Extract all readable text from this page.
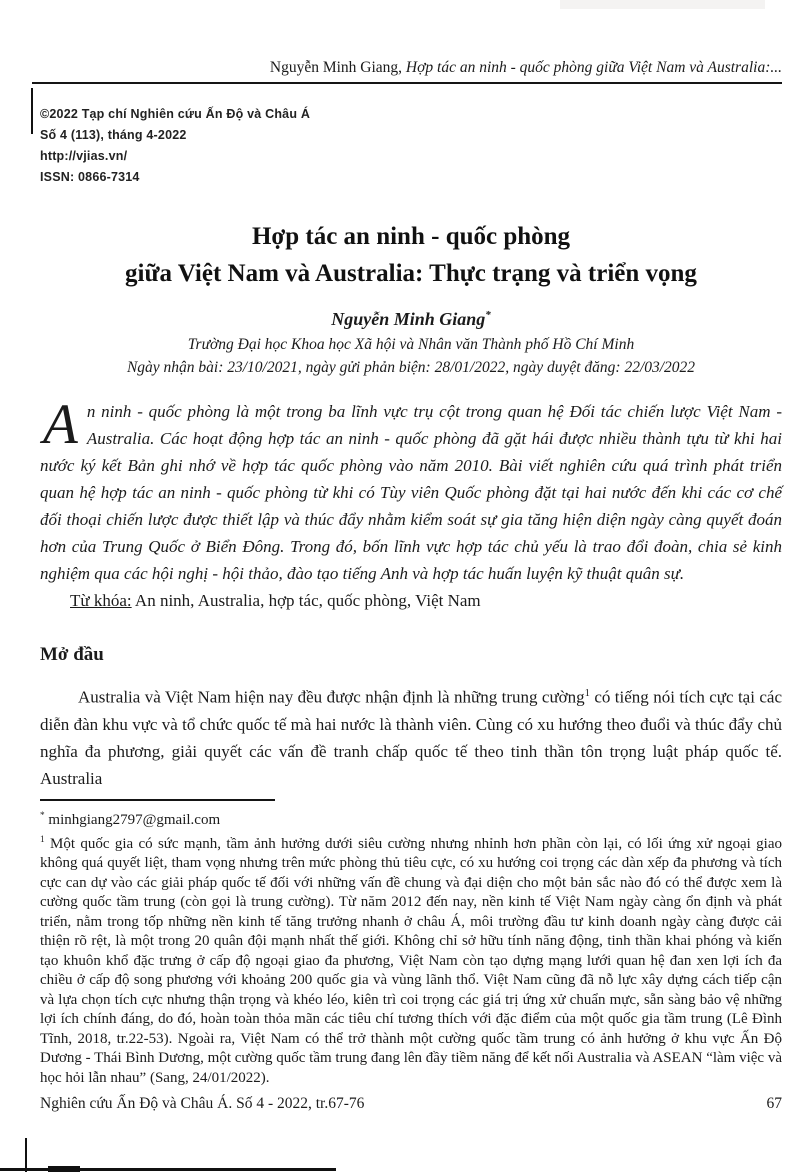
Nguyễn Minh Giang, Hợp tác an ninh - quốc phòng giữa Việt Nam và Australia:...
©2022 Tạp chí Nghiên cứu Ấn Độ và Châu Á
Số 4 (113), tháng 4-2022
http://vjias.vn/
ISSN: 0866-7314
Hợp tác an ninh - quốc phòng
giữa Việt Nam và Australia: Thực trạng và triển vọng
Nguyễn Minh Giang*
Trường Đại học Khoa học Xã hội và Nhân văn Thành phố Hồ Chí Minh
Ngày nhận bài: 23/10/2021, ngày gửi phản biện: 28/01/2022, ngày duyệt đăng: 22/03/2022
An ninh - quốc phòng là một trong ba lĩnh vực trụ cột trong quan hệ Đối tác chiến lược Việt Nam - Australia. Các hoạt động hợp tác an ninh - quốc phòng đã gặt hái được nhiều thành tựu từ khi hai nước ký kết Bản ghi nhớ về hợp tác quốc phòng vào năm 2010. Bài viết nghiên cứu quá trình phát triển quan hệ hợp tác an ninh - quốc phòng từ khi có Tùy viên Quốc phòng đặt tại hai nước đến khi các cơ chế đối thoại chiến lược được thiết lập và thúc đẩy nhằm kiểm soát sự gia tăng hiện diện ngày càng quyết đoán hơn của Trung Quốc ở Biển Đông. Trong đó, bốn lĩnh vực hợp tác chủ yếu là trao đổi đoàn, chia sẻ kinh nghiệm qua các hội nghị - hội thảo, đào tạo tiếng Anh và hợp tác huấn luyện kỹ thuật quân sự.
Từ khóa: An ninh, Australia, hợp tác, quốc phòng, Việt Nam
Mở đầu
Australia và Việt Nam hiện nay đều được nhận định là những trung cường$^1$ có tiếng nói tích cực tại các diễn đàn khu vực và tổ chức quốc tế mà hai nước là thành viên. Cùng có xu hướng theo đuổi và thúc đẩy chủ nghĩa đa phương, giải quyết các vấn đề tranh chấp quốc tế theo tinh thần tôn trọng luật pháp quốc tế. Australia
* minhgiang2797@gmail.com
$^1$ Một quốc gia có sức mạnh, tầm ảnh hưởng dưới siêu cường nhưng nhỉnh hơn phần còn lại, có lối ứng xử ngoại giao không quá quyết liệt, tham vọng nhưng trên mức phòng thủ tiêu cực, có xu hướng coi trọng các dàn xếp đa phương và tích cực can dự vào các giải pháp quốc tế đối với những vấn đề chung và đại diện cho một bản sắc nào đó có thể được xem là cường quốc tầm trung (còn gọi là trung cường). Từ năm 2012 đến nay, nền kinh tế Việt Nam ngày càng ổn định và phát triển, nằm trong tốp những nền kinh tế tăng trưởng nhanh ở châu Á, môi trường đầu tư kinh doanh ngày càng được cải thiện rõ rệt, là một trong 20 quân đội mạnh nhất thế giới. Không chỉ sở hữu tính năng động, tinh thần khai phóng và kiến tạo khuôn khổ đặc trưng ở cấp độ ngoại giao đa phương, Việt Nam còn tạo dựng mạng lưới quan hệ đan xen lợi ích đa chiều ở cấp độ song phương với khoảng 200 quốc gia và vùng lãnh thổ. Việt Nam cũng đã nỗ lực xây dựng cách tiếp cận và lựa chọn tích cực nhưng thận trọng và khéo léo, kiên trì coi trọng các giá trị ứng xử chuẩn mực, sẵn sàng bảo vệ những lợi ích chính đáng, do đó, hoàn toàn thỏa mãn các tiêu chí tương thích với đặc điểm của một quốc gia tầm trung (Lê Đình Tĩnh, 2018, tr.22-53). Ngoài ra, Việt Nam có thể trở thành một cường quốc tầm trung có ảnh hưởng ở khu vực Ấn Độ Dương - Thái Bình Dương, một cường quốc tầm trung đang lên đầy tiềm năng để kết nối Australia và ASEAN “làm việc và học hỏi lẫn nhau” (Sang, 24/01/2022).
Nghiên cứu Ấn Độ và Châu Á. Số 4 - 2022, tr.67-76	67
